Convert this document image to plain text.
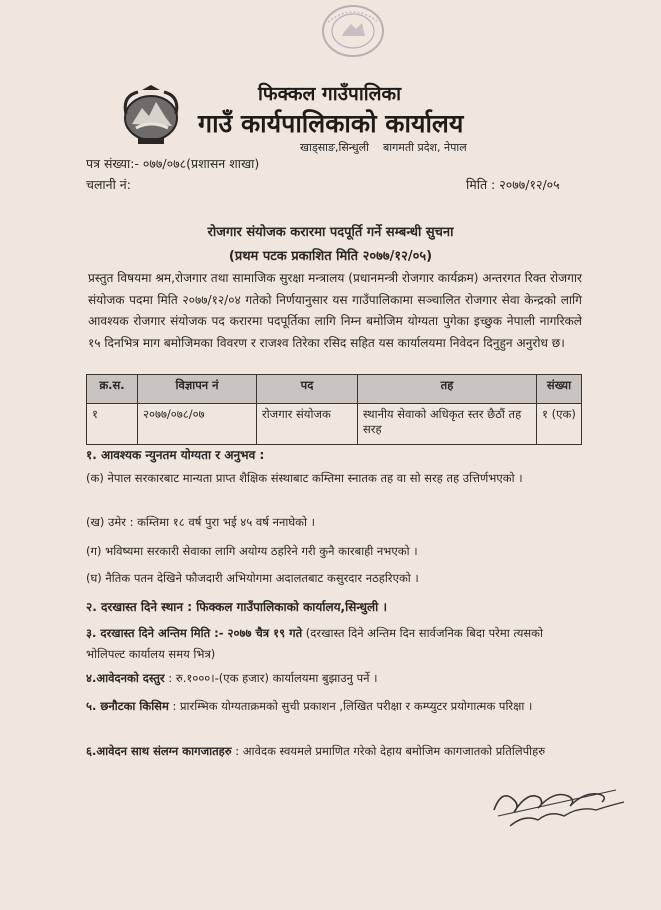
फिक्कल गाउँपालिका
गाउँ कार्यपालिकाको कार्यालय
खाड्साङ,सिन्धुली बागमती प्रदेश, नेपाल
पत्र संख्या:- ०७७/०७८(प्रशासन शाखा)
चलानी नं:	मिति : २०७७/१२/०५
रोजगार संयोजक करारमा पदपूर्ति गर्ने सम्बन्धी सुचना
(प्रथम पटक प्रकाशित मिति २०७७/१२/०५)
प्रस्तुत विषयमा श्रम,रोजगार तथा सामाजिक सुरक्षा मन्त्रालय (प्रधानमन्त्री रोजगार कार्यक्रम) अन्तरगत रिक्त रोजगार संयोजक पदमा मिति २०७७/१२/०४ गतेको निर्णयानुसार यस गाउँपालिकामा सञ्चालित रोजगार सेवा केन्द्रको लागि आवश्यक रोजगार संयोजक पद करारमा पदपूर्तिका लागि निम्न बमोजिम योग्यता पुगेका इच्छुक नेपाली नागरिकले १५ दिनभित्र माग बमोजिमका विवरण र राजश्व तिरेका रसिद सहित यस कार्यालयमा निवेदन दिनुहुन अनुरोध छ।
क्र.स.	विज्ञापन नं	पद	तह	संख्या
१	२०७७/०७८/०७	रोजगार संयोजक	स्थानीय सेवाको अधिकृत स्तर छैठौं तह सरह	१ (एक)
१. आवश्यक न्युनतम योग्यता र अनुभव :
(क) नेपाल सरकारबाट मान्यता प्राप्त शैक्षिक संस्थाबाट कम्तिमा स्नातक तह वा सो सरह तह उत्तिर्णभएको ।
(ख) उमेर : कम्तिमा १८ वर्ष पुरा भई ४५ वर्ष ननाघेको ।
(ग) भविष्यमा सरकारी सेवाका लागि अयोग्य ठहरिने गरी कुनै कारबाही नभएको ।
(घ) नैतिक पतन देखिने फौजदारी अभियोगमा अदालतबाट कसुरदार नठहरिएको ।
२. दरखास्त दिने स्थान : फिक्कल गाउँपालिकाको कार्यालय,सिन्धुली ।
३. दरखास्त दिने अन्तिम मिति :- २०७७ चैत्र १९ गते (दरखास्त दिने अन्तिम दिन सार्वजनिक बिदा परेमा त्यसको भोलिपल्ट कार्यालय समय भित्र)
४.आवेदनको दस्तुर : रु.१०००।-(एक हजार) कार्यालयमा बुझाउनु पर्ने ।
५. छनौटका किसिम : प्रारम्भिक योग्यताक्रमको सुची प्रकाशन ,लिखित परीक्षा र कम्प्युटर प्रयोगात्मक परिक्षा ।
६.आवेदन साथ संलग्न कागजातहरु : आवेदक स्वयमले प्रमाणित गरेको देहाय बमोजिम कागजातको प्रतिलिपीहरु
